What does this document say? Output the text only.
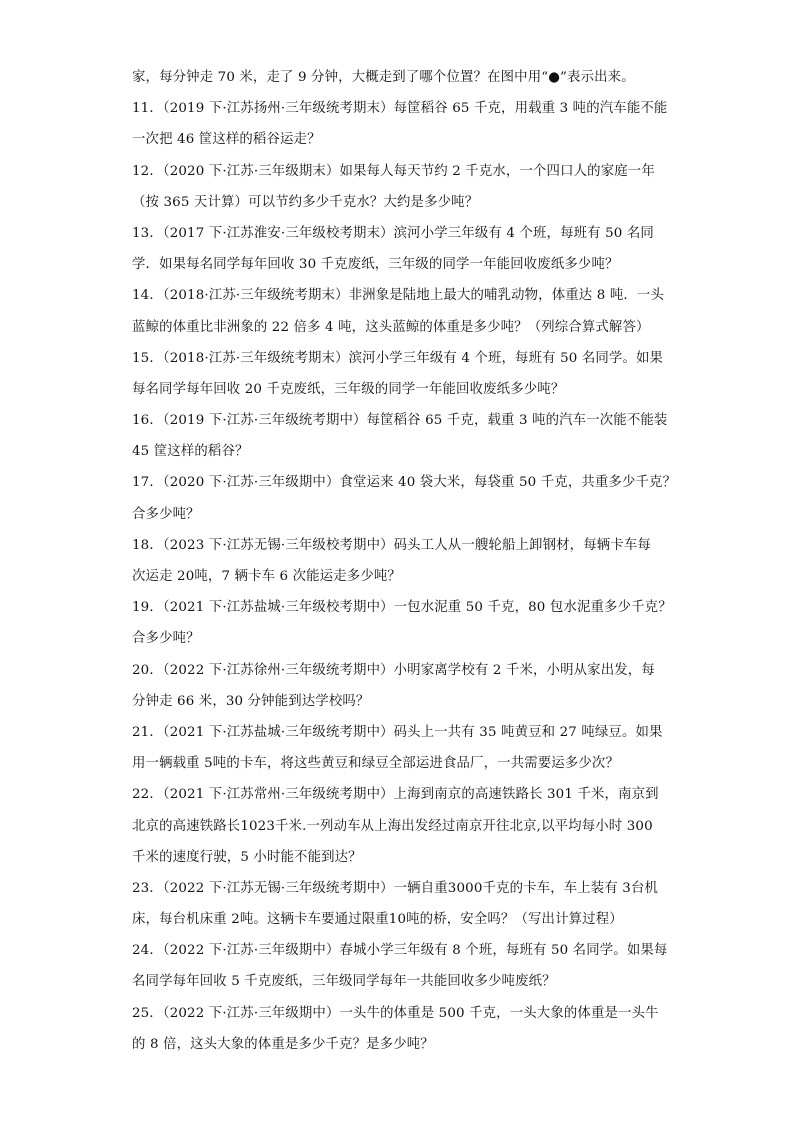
家，每分钟走 70 米，走了 9 分钟，大概走到了哪个位置？在图中用“●”表示出来。
11．（2019 下·江苏扬州·三年级统考期末）每筐稻谷 65 千克，用载重 3 吨的汽车能不能
一次把 46 筐这样的稻谷运走？
12．（2020 下·江苏·三年级期末）如果每人每天节约 2 千克水，一个四口人的家庭一年
（按 365 天计算）可以节约多少千克水？大约是多少吨？
13．（2017 下·江苏淮安·三年级校考期末）滨河小学三年级有 4 个班，每班有 50 名同
学．如果每名同学每年回收 30 千克废纸，三年级的同学一年能回收废纸多少吨？
14．（2018·江苏·三年级统考期末）非洲象是陆地上最大的哺乳动物，体重达 8 吨．一头
蓝鲸的体重比非洲象的 22 倍多 4 吨，这头蓝鲸的体重是多少吨？（列综合算式解答）
15．（2018·江苏·三年级统考期末）滨河小学三年级有 4 个班，每班有 50 名同学。如果
每名同学每年回收 20 千克废纸，三年级的同学一年能回收废纸多少吨？
16．（2019 下·江苏·三年级统考期中）每筐稻谷 65 千克，载重 3 吨的汽车一次能不能装
45 筐这样的稻谷？
17．（2020 下·江苏·三年级期中）食堂运来 40 袋大米，每袋重 50 千克，共重多少千克？
合多少吨？
18．（2023 下·江苏无锡·三年级校考期中）码头工人从一艘轮船上卸钢材，每辆卡车每
次运走 20吨，7 辆卡车 6 次能运走多少吨？
19．（2021 下·江苏盐城·三年级校考期中）一包水泥重 50 千克，80 包水泥重多少千克？
合多少吨？
20．（2022 下·江苏徐州·三年级统考期中）小明家离学校有 2 千米，小明从家出发，每
分钟走 66 米，30 分钟能到达学校吗？
21．（2021 下·江苏盐城·三年级统考期中）码头上一共有 35 吨黄豆和 27 吨绿豆。如果
用一辆载重 5吨的卡车，将这些黄豆和绿豆全部运进食品厂，一共需要运多少次？
22．（2021 下·江苏常州·三年级统考期中）上海到南京的高速铁路长 301 千米，南京到
北京的高速铁路长1023千米.一列动车从上海出发经过南京开往北京,以平均每小时 300
千米的速度行驶，5 小时能不能到达？
23．（2022 下·江苏无锡·三年级统考期中）一辆自重3000千克的卡车，车上装有 3台机
床，每台机床重 2吨。这辆卡车要通过限重10吨的桥，安全吗？（写出计算过程）
24．（2022 下·江苏·三年级期中）春城小学三年级有 8 个班，每班有 50 名同学。如果每
名同学每年回收 5 千克废纸，三年级同学每年一共能回收多少吨废纸？
25．（2022 下·江苏·三年级期中）一头牛的体重是 500 千克，一头大象的体重是一头牛
的 8 倍，这头大象的体重是多少千克？是多少吨？
